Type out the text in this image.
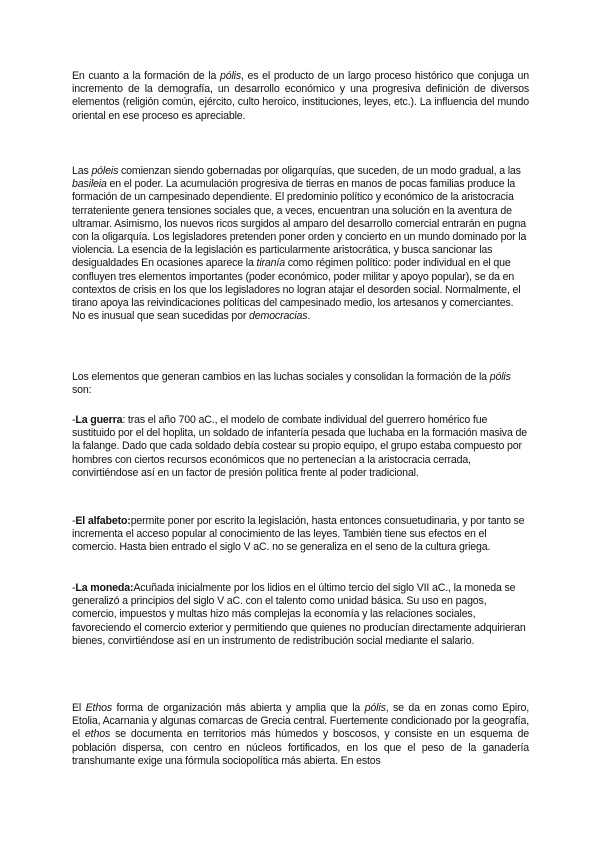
En cuanto a la formación de la pólis, es el producto de un largo proceso histórico que conjuga un incremento de la demografía, un desarrollo económico y una progresiva definición de diversos elementos (religión común, ejército, culto heroico, instituciones, leyes, etc.). La influencia del mundo oriental en ese proceso es apreciable.

Las póleis comienzan siendo gobernadas por oligarquías, que suceden, de un modo gradual, a las basileia en el poder. La acumulación progresiva de tierras en manos de pocas familias produce la formación de un campesinado dependiente. El predominio político y económico de la aristocracia terrateniente genera tensiones sociales que, a veces, encuentran una solución en la aventura de ultramar. Asimismo, los nuevos ricos surgidos al amparo del desarrollo comercial entrarán en pugna con la oligarquía. Los legisladores pretenden poner orden y concierto en un mundo dominado por la violencia. La esencia de la legislación es particularmente aristocrática, y busca sancionar las desigualdades En ocasiones aparece la tiranía como régimen político: poder individual en el que confluyen tres elementos importantes (poder económico, poder militar y apoyo popular), se da en contextos de crisis en los que los legisladores no logran atajar el desorden social. Normalmente, el tirano apoya las reivindicaciones políticas del campesinado medio, los artesanos y comerciantes. No es inusual que sean sucedidas por democracias.

Los elementos que generan cambios en las luchas sociales y consolidan la formación de la pólis son:

-La guerra: tras el año 700 aC., el modelo de combate individual del guerrero homérico fue sustituido por el del hoplita, un soldado de infantería pesada que luchaba en la formación masiva de la falange. Dado que cada soldado debía costear su propio equipo, el grupo estaba compuesto por hombres con ciertos recursos económicos que no pertenecían a la aristocracia cerrada, convirtiéndose así en un factor de presión política frente al poder tradicional.

-El alfabeto:permite poner por escrito la legislación, hasta entonces consuetudinaria, y por tanto se incrementa el acceso popular al conocimiento de las leyes. También tiene sus efectos en el comercio. Hasta bien entrado el siglo V aC. no se generaliza en el seno de la cultura griega.

-La moneda:Acuñada inicialmente por los lidios en el último tercio del siglo VII aC., la moneda se generalizó a principios del siglo V aC. con el talento como unidad básica. Su uso en pagos, comercio, impuestos y multas hizo más complejas la economía y las relaciones sociales, favoreciendo el comercio exterior y permitiendo que quienes no producían directamente adquirieran bienes, convirtiéndose así en un instrumento de redistribución social mediante el salario.

El Ethos forma de organización más abierta y amplia que la pólis, se da en zonas como Epiro, Etolia, Acarnania y algunas comarcas de Grecia central. Fuertemente condicionado por la geografía, el ethos se documenta en territorios más húmedos y boscosos, y consiste en un esquema de población dispersa, con centro en núcleos fortificados, en los que el peso de la ganadería transhumante exige una fórmula sociopolítica más abierta. En estos
